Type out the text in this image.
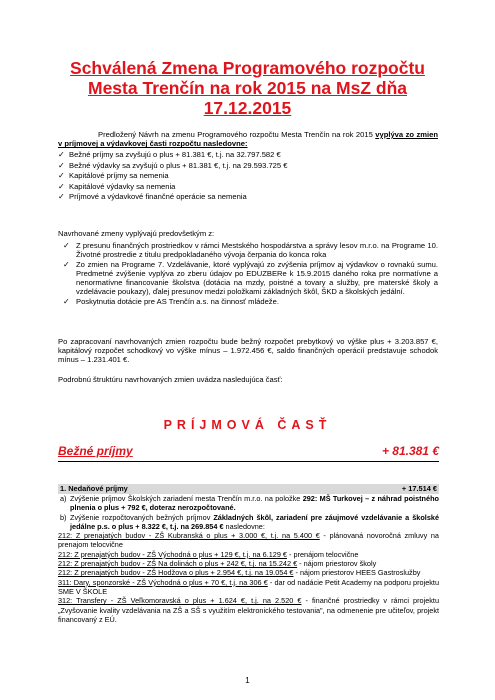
Schválená Zmena Programového rozpočtu
Mesta Trenčín na rok 2015 na MsZ dňa
17.12.2015
Predložený Návrh na zmenu Programového rozpočtu Mesta Trenčín na rok 2015 vyplýva zo zmien v príjmovej a výdavkovej časti rozpočtu nasledovne:
✓ Bežné príjmy sa zvyšujú o plus + 81.381 €, t.j. na 32.797.582 €
✓ Bežné výdavky sa zvyšujú o plus + 81.381 €, t.j. na 29.593.725 €
✓ Kapitálové príjmy sa nemenia
✓ Kapitálové výdavky sa nemenia
✓ Príjmové a výdavkové finančné operácie sa nemenia
Navrhované zmeny vyplývajú predovšetkým z:
✓ Z presunu finančných prostriedkov v rámci Mestského hospodárstva a správy lesov m.r.o. na Programe 10. Životné prostredie z titulu predpokladaného vývoja čerpania do konca roka
✓ Zo zmien na Programe 7. Vzdelávanie, ktoré vyplývajú zo zvýšenia príjmov aj výdavkov o rovnakú sumu. Predmetné zvýšenie vyplýva zo zberu údajov po EDUZBERe k 15.9.2015 daného roka pre normatívne a nenormatívne financovanie školstva (dotácia na mzdy, poistné a tovary a služby, pre materské školy a vzdelávacie poukazy), ďalej presunov medzi položkami základných škôl, ŠKD a školských jedální.
✓ Poskytnutia dotácie pre AS Trenčín a.s. na činnosť mládeže.
Po zapracovaní navrhovaných zmien rozpočtu bude bežný rozpočet prebytkový vo výške plus + 3.203.857 €, kapitálový rozpočet schodkový vo výške mínus – 1.972.456 €, saldo finančných operácií predstavuje schodok mínus – 1.231.401 €.
Podrobnú štruktúru navrhovaných zmien uvádza nasledujúca časť:
PRÍJMOVÁ ČASŤ
Bežné príjmy	+ 81.381 €
1. Nedaňové príjmy	+ 17.514 €
a) Zvýšenie príjmov Školských zariadení mesta Trenčín m.r.o. na položke 292: MŠ Turkovej – z náhrad poistného plnenia o plus + 792 €, doteraz nerozpočtované.
b) Zvýšenie rozpočtovaných bežných príjmov Základných škôl, zariadení pre záujmové vzdelávanie a školské jedálne p.s. o plus + 8.322 €, t.j. na 269.854 € nasledovne:
212: Z prenajatých budov - ZŠ Kubranská o plus + 3.000 €, t.j. na 5.400 € - plánovaná novoročná zmluvy na prenajom telocvične
212: Z prenajatých budov - ZŠ Východná o plus + 129 €, t.j. na 6.129 € - prenájom telocvične
212: Z prenajatých budov - ZŠ Na dolinách o plus + 242 €, t.j. na 15.242 € - nájom priestorov školy
212: Z prenajatých budov - ZŠ Hodžova o plus + 2.954 €, t.j. na 19.054 € - nájom priestorov HEES Gastroslužby
311: Dary, sponzorské - ZŠ Východná o plus + 70 €, t.j. na 306 € - dar od nadácie Petit Academy na podporu projektu SME V ŠKOLE
312: Transfery - ZŠ Veľkomoravská o plus + 1.624 €, t.j. na 2.520 € - finančné prostriedky v rámci projektu „Zvyšovanie kvality vzdelávania na ZŠ a SŠ s využitím elektronického testovania", na odmenenie pre učiteľov, projekt financovaný z EÚ.
1
